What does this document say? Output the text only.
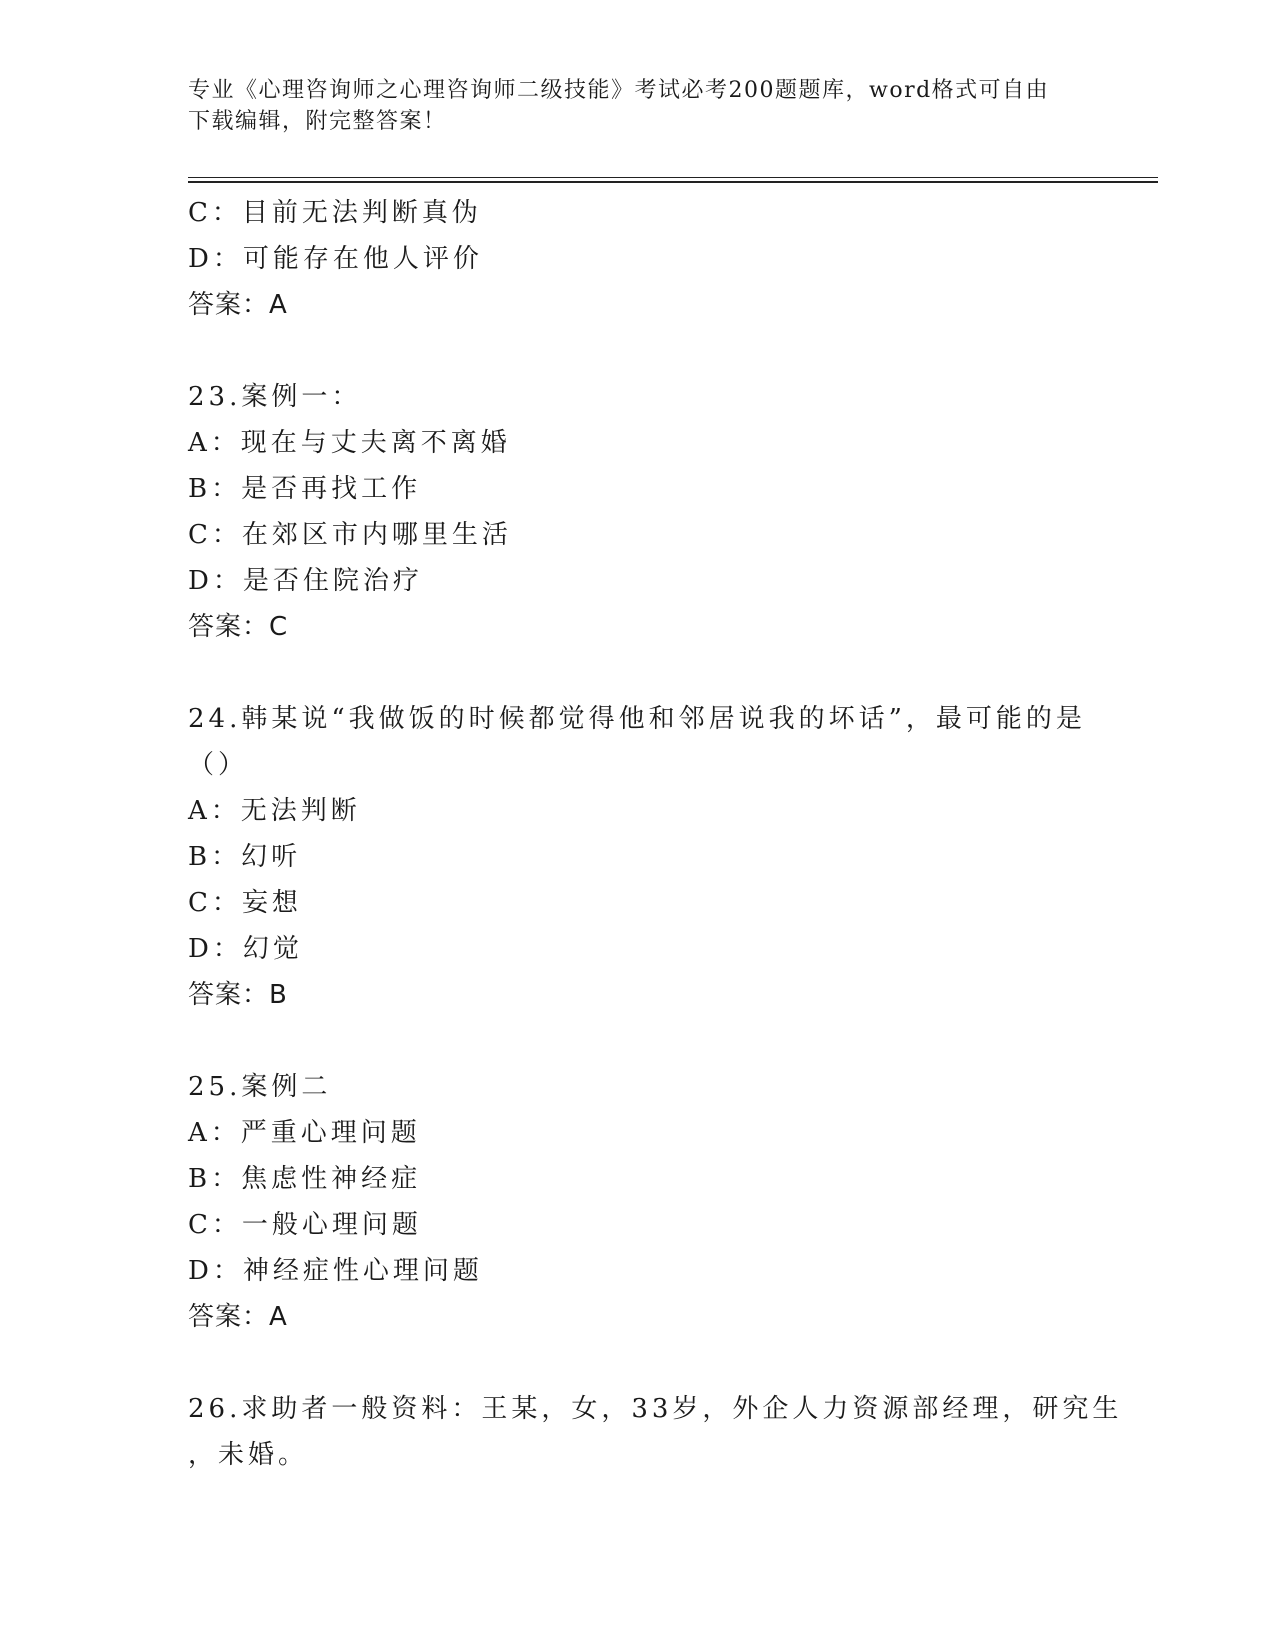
专业《心理咨询师之心理咨询师二级技能》考试必考200题题库，word格式可自由下载编辑，附完整答案！
C：目前无法判断真伪
D：可能存在他人评价
答案：A
23.案例一：
A：现在与丈夫离不离婚
B：是否再找工作
C：在郊区市内哪里生活
D：是否住院治疗
答案：C
24.韩某说“我做饭的时候都觉得他和邻居说我的坏话”，最可能的是
（）
A：无法判断
B：幻听
C：妄想
D：幻觉
答案：B
25.案例二
A：严重心理问题
B：焦虑性神经症
C：一般心理问题
D：神经症性心理问题
答案：A
26.求助者一般资料：王某，女，33岁，外企人力资源部经理，研究生
，未婚。
